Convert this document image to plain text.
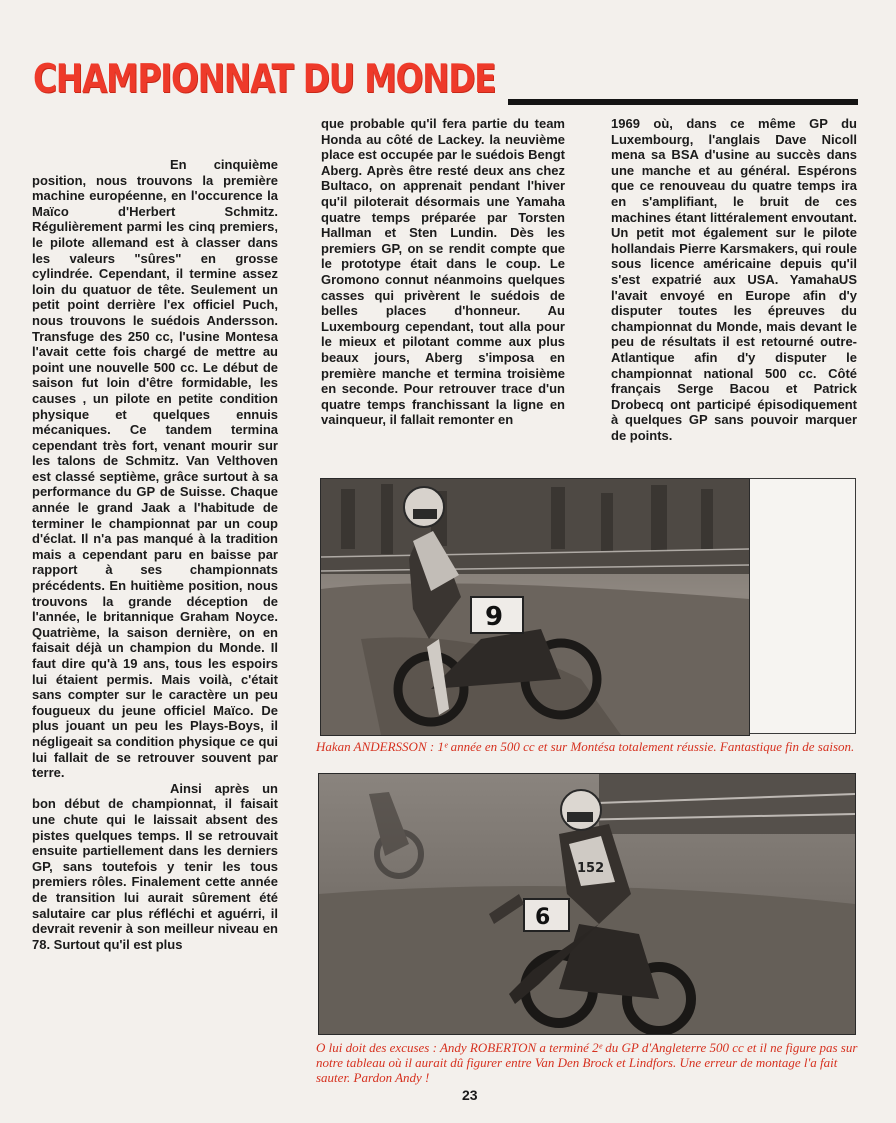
CHAMPIONNAT DU MONDE

En cinquième position, nous trouvons la première machine européenne, en l'occurence la Maïco d'Herbert Schmitz. Régulièrement parmi les cinq premiers, le pilote allemand est à classer dans les valeurs "sûres" en grosse cylindrée. Cependant, il termine assez loin du quatuor de tête. Seulement un petit point derrière l'ex officiel Puch, nous trouvons le suédois Andersson. Transfuge des 250 cc, l'usine Montesa l'avait cette fois chargé de mettre au point une nouvelle 500 cc. Le début de saison fut loin d'être formidable, les causes , un pilote en petite condition physique et quelques ennuis mécaniques. Ce tandem termina cependant très fort, venant mourir sur les talons de Schmitz. Van Velthoven est classé septième, grâce surtout à sa performance du GP de Suisse. Chaque année le grand Jaak a l'habitude de terminer le championnat par un coup d'éclat. Il n'a pas manqué à la tradition mais a cependant paru en baisse par rapport à ses championnats précédents. En huitième position, nous trouvons la grande déception de l'année, le britannique Graham Noyce. Quatrième, la saison dernière, on en faisait déjà un champion du Monde. Il faut dire qu'à 19 ans, tous les espoirs lui étaient permis. Mais voilà, c'était sans compter sur le caractère un peu fougueux du jeune officiel Maïco. De plus jouant un peu les Plays-Boys, il négligeait sa condition physique ce qui lui fallait de se retrouver souvent par terre.
Ainsi après un bon début de championnat, il faisait une chute qui le laissait absent des pistes quelques temps. Il se retrouvait ensuite partiellement dans les derniers GP, sans toutefois y tenir les tous premiers rôles. Finalement cette année de transition lui aurait sûrement été salutaire car plus réfléchi et aguérri, il devrait revenir à son meilleur niveau en 78. Surtout qu'il est plus

que probable qu'il fera partie du team Honda au côté de Lackey. la neuvième place est occupée par le suédois Bengt Aberg. Après être resté deux ans chez Bultaco, on apprenait pendant l'hiver qu'il piloterait désormais une Yamaha quatre temps préparée par Torsten Hallman et Sten Lundin. Dès les premiers GP, on se rendit compte que le prototype était dans le coup. Le Gromono connut néanmoins quelques casses qui privèrent le suédois de belles places d'honneur. Au Luxembourg cependant, tout alla pour le mieux et pilotant comme aux plus beaux jours, Aberg s'imposa en première manche et termina troisième en seconde. Pour retrouver trace d'un quatre temps franchissant la ligne en vainqueur, il fallait remonter en

1969 où, dans ce même GP du Luxembourg, l'anglais Dave Nicoll mena sa BSA d'usine au succès dans une manche et au général. Espérons que ce renouveau du quatre temps ira en s'amplifiant, le bruit de ces machines étant littéralement envoutant. Un petit mot également sur le pilote hollandais Pierre Karsmakers, qui roule sous licence américaine depuis qu'il s'est expatrié aux USA. YamahaUS l'avait envoyé en Europe afin d'y disputer toutes les épreuves du championnat du Monde, mais devant le peu de résultats il est retourné outre-Atlantique afin d'y disputer le championnat national 500 cc. Côté français Serge Bacou et Patrick Drobecq ont participé épisodiquement à quelques GP sans pouvoir marquer de points.

9

Hakan ANDERSSON : 1ᵉ année en 500 cc et sur Montésa totalement réussie. Fantastique fin de saison.

6
152

O lui doit des excuses : Andy ROBERTON a terminé 2ᵉ du GP d'Angleterre 500 cc et il ne figure pas sur notre tableau où il aurait dû figurer entre Van Den Brock et Lindfors. Une erreur de montage l'a fait sauter. Pardon Andy !

23
